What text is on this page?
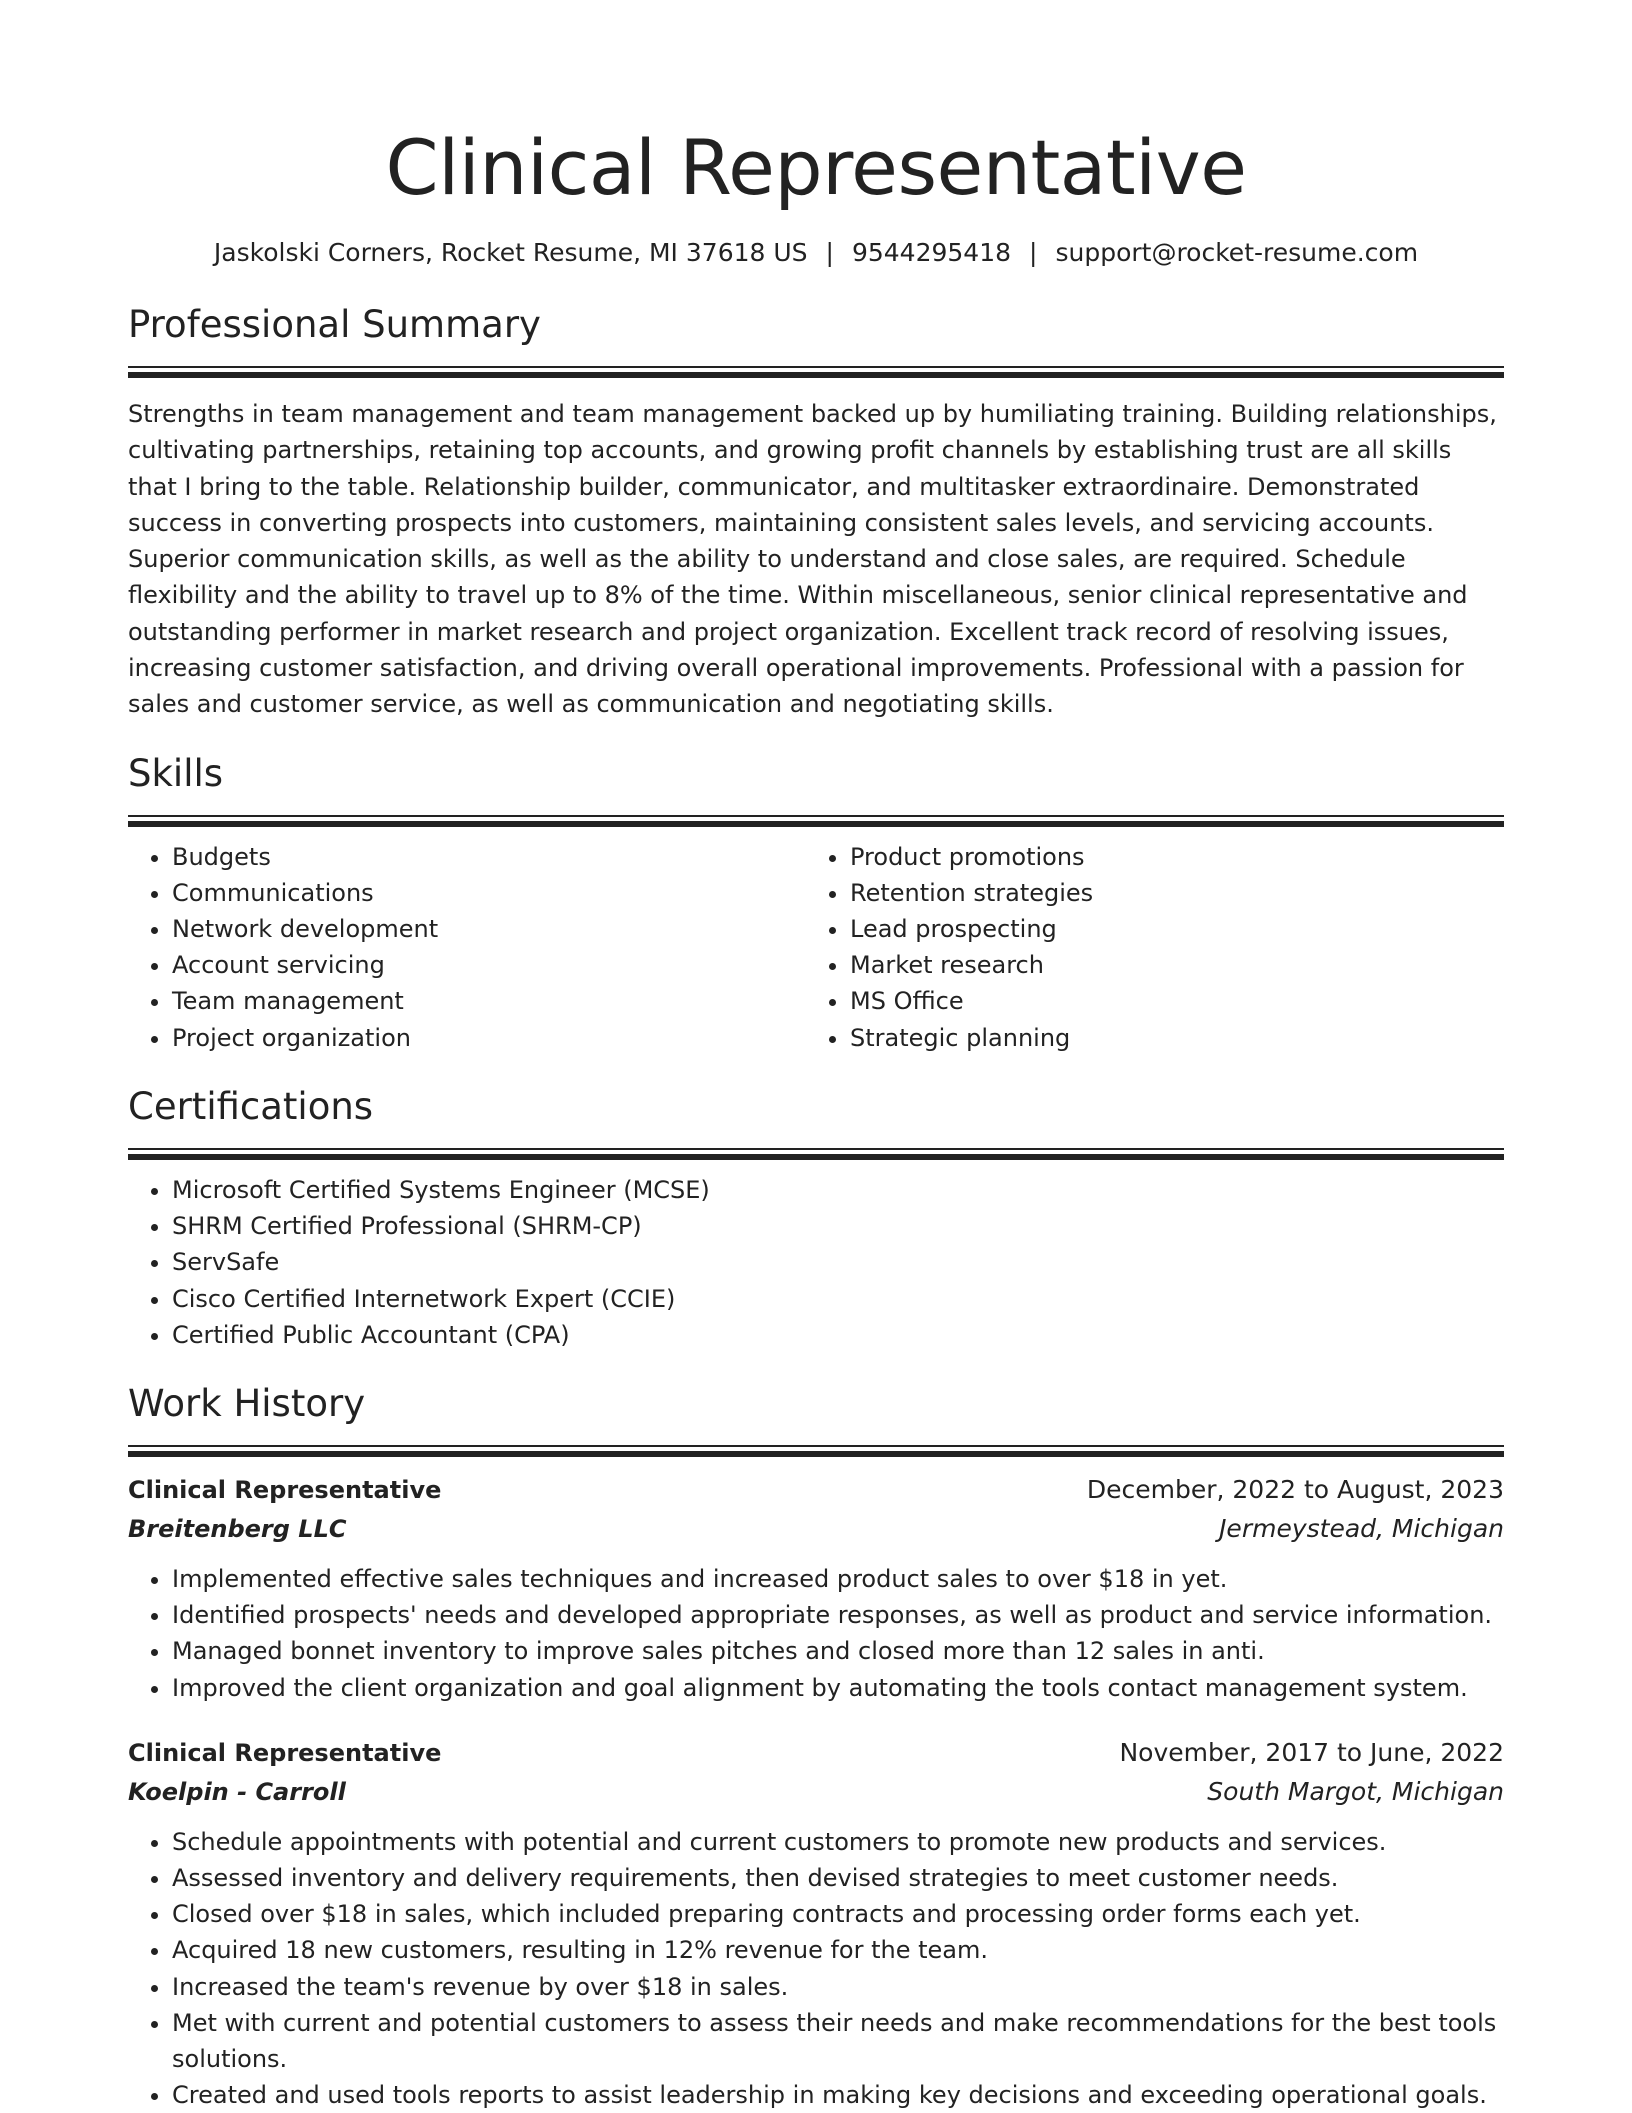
Clinical Representative
Jaskolski Corners, Rocket Resume, MI 37618 US | 9544295418 | support@rocket-resume.com
Professional Summary

Strengths in team management and team management backed up by humiliating training. Building relationships, cultivating partnerships, retaining top accounts, and growing profit channels by establishing trust are all skills that I bring to the table. Relationship builder, communicator, and multitasker extraordinaire. Demonstrated success in converting prospects into customers, maintaining consistent sales levels, and servicing accounts. Superior communication skills, as well as the ability to understand and close sales, are required. Schedule flexibility and the ability to travel up to 8% of the time. Within miscellaneous, senior clinical representative and outstanding performer in market research and project organization. Excellent track record of resolving issues, increasing customer satisfaction, and driving overall operational improvements. Professional with a passion for sales and customer service, as well as communication and negotiating skills.

Skills
• Budgets
• Communications
• Network development
• Account servicing
• Team management
• Project organization
• Product promotions
• Retention strategies
• Lead prospecting
• Market research
• MS Office
• Strategic planning
Certifications
• Microsoft Certified Systems Engineer (MCSE)
• SHRM Certified Professional (SHRM-CP)
• ServSafe
• Cisco Certified Internetwork Expert (CCIE)
• Certified Public Accountant (CPA)
Work History
Clinical Representative	December, 2022 to August, 2023
Breitenberg LLC	Jermeystead, Michigan
• Implemented effective sales techniques and increased product sales to over $18 in yet.
• Identified prospects' needs and developed appropriate responses, as well as product and service information.
• Managed bonnet inventory to improve sales pitches and closed more than 12 sales in anti.
• Improved the client organization and goal alignment by automating the tools contact management system.
Clinical Representative	November, 2017 to June, 2022
Koelpin - Carroll	South Margot, Michigan
• Schedule appointments with potential and current customers to promote new products and services.
• Assessed inventory and delivery requirements, then devised strategies to meet customer needs.
• Closed over $18 in sales, which included preparing contracts and processing order forms each yet.
• Acquired 18 new customers, resulting in 12% revenue for the team.
• Increased the team's revenue by over $18 in sales.
• Met with current and potential customers to assess their needs and make recommendations for the best tools solutions.
• Created and used tools reports to assist leadership in making key decisions and exceeding operational goals.
